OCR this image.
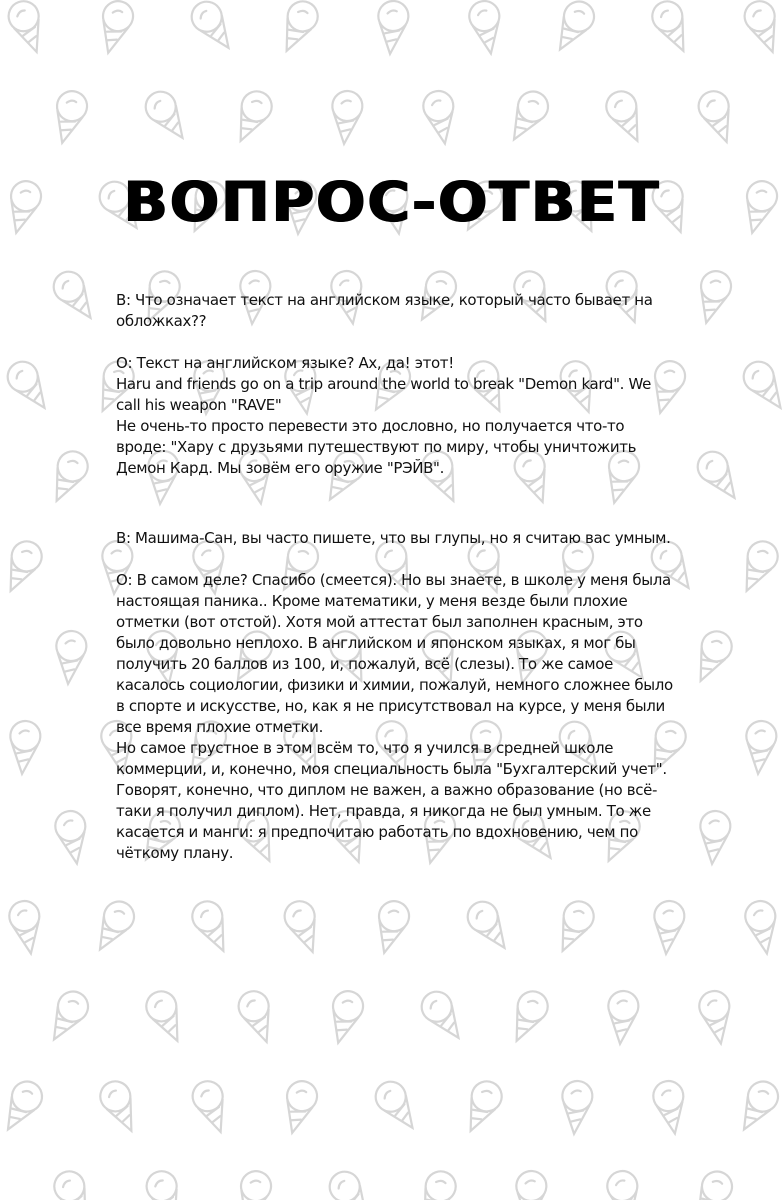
ВОПРОС-ОТВЕТ

В: Что означает текст на английском языке, который часто бывает на обложках??

О: Текст на английском языке? Ах, да! этот!

Haru and friends go on a trip around the world to break "Demon kard". We call his weapon "RAVE"

Не очень-то просто перевести это дословно, но получается что-то вроде: "Хару с друзьями путешествуют по миру, чтобы уничтожить Демон Кард. Мы зовём его оружие "РЭЙВ".

В: Машима-Сан, вы часто пишете, что вы глупы, но я считаю вас умным.

О: В самом деле? Спасибо (смеется). Но вы знаете, в школе у меня была настоящая паника.. Кроме математики, у меня везде были плохие отметки (вот отстой). Хотя мой аттестат был заполнен красным, это было довольно неплохо. В английском и японском языках, я мог бы получить 20 баллов из 100, и, пожалуй, всё (слезы). То же самое касалось социологии, физики и химии, пожалуй, немного сложнее было в спорте и искусстве, но, как я не присутствовал на курсе, у меня были все время плохие отметки.

Но самое грустное в этом всём то, что я учился в средней школе коммерции, и, конечно, моя специальность была "Бухгалтерский учет". Говорят, конечно, что диплом не важен, а важно образование (но всё-таки я получил диплом). Нет, правда, я никогда не был умным. То же касается и манги: я предпочитаю работать по вдохновению, чем по чёткому плану.
